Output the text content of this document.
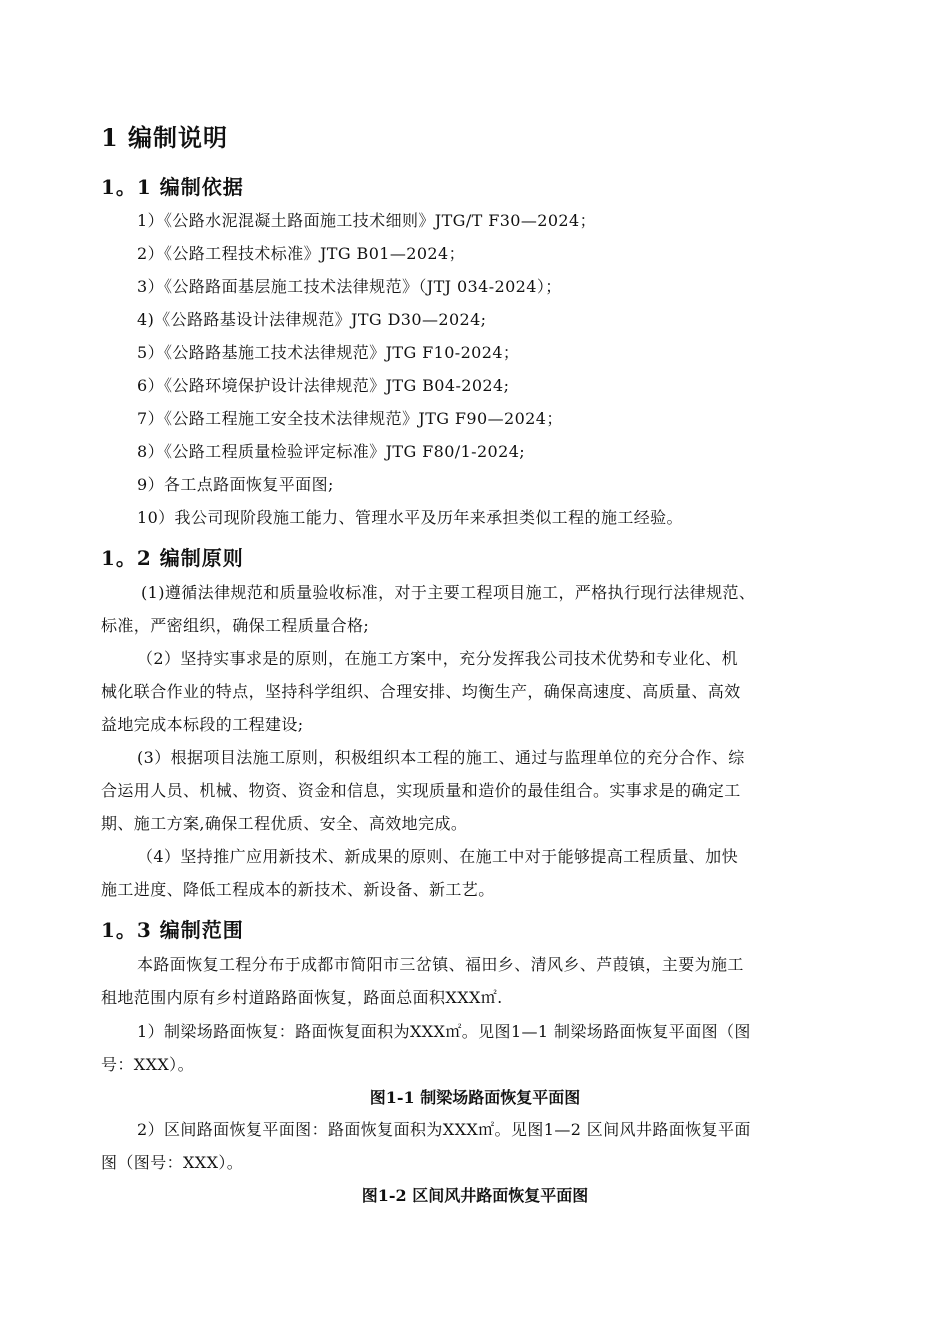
1 编制说明
1。1 编制依据
1）《公路水泥混凝土路面施工技术细则》JTG/T F30—2024；
2）《公路工程技术标准》JTG B01—2024；
3）《公路路面基层施工技术法律规范》（JTJ 034-2024）；
4)《公路路基设计法律规范》JTG D30—2024;
5）《公路路基施工技术法律规范》JTG F10-2024；
6）《公路环境保护设计法律规范》JTG B04-2024;
7）《公路工程施工安全技术法律规范》JTG F90—2024；
8）《公路工程质量检验评定标准》JTG F80/1-2024;
9）各工点路面恢复平面图;
10）我公司现阶段施工能力、管理水平及历年来承担类似工程的施工经验。
1。2 编制原则
(1)遵循法律规范和质量验收标准，对于主要工程项目施工，严格执行现行法律规范、
标准，严密组织，确保工程质量合格;
（2）坚持实事求是的原则，在施工方案中，充分发挥我公司技术优势和专业化、机
械化联合作业的特点，坚持科学组织、合理安排、均衡生产，确保高速度、高质量、高效
益地完成本标段的工程建设;
(3）根据项目法施工原则，积极组织本工程的施工、通过与监理单位的充分合作、综
合运用人员、机械、物资、资金和信息，实现质量和造价的最佳组合。实事求是的确定工
期、施工方案,确保工程优质、安全、高效地完成。
（4）坚持推广应用新技术、新成果的原则、在施工中对于能够提高工程质量、加快
施工进度、降低工程成本的新技术、新设备、新工艺。
1。3 编制范围
本路面恢复工程分布于成都市简阳市三岔镇、福田乡、清风乡、芦葭镇，主要为施工
租地范围内原有乡村道路路面恢复，路面总面积XXX㎡.
1）制梁场路面恢复：路面恢复面积为XXX㎡。见图1—1 制梁场路面恢复平面图（图
号：XXX）。
图1-1 制梁场路面恢复平面图
2）区间路面恢复平面图：路面恢复面积为XXX㎡。见图1—2 区间风井路面恢复平面
图（图号：XXX）。
图1-2 区间风井路面恢复平面图
